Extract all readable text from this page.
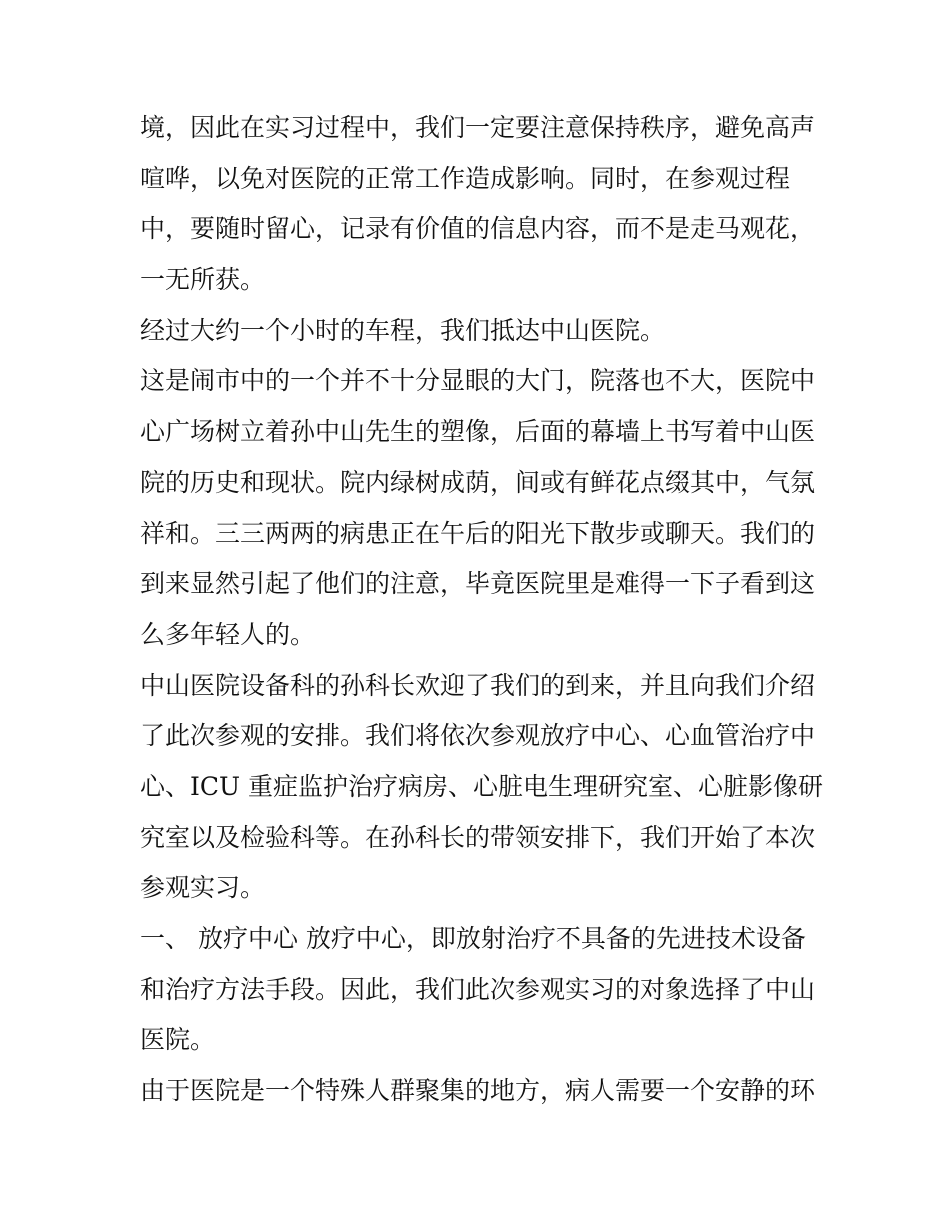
境，因此在实习过程中，我们一定要注意保持秩序，避免高声
喧哗，以免对医院的正常工作造成影响。同时，在参观过程
中，要随时留心，记录有价值的信息内容，而不是走马观花，
一无所获。
经过大约一个小时的车程，我们抵达中山医院。
这是闹市中的一个并不十分显眼的大门，院落也不大，医院中
心广场树立着孙中山先生的塑像，后面的幕墙上书写着中山医
院的历史和现状。院内绿树成荫，间或有鲜花点缀其中，气氛
祥和。三三两两的病患正在午后的阳光下散步或聊天。我们的
到来显然引起了他们的注意，毕竟医院里是难得一下子看到这
么多年轻人的。
中山医院设备科的孙科长欢迎了我们的到来，并且向我们介绍
了此次参观的安排。我们将依次参观放疗中心、心血管治疗中
心、ICU 重症监护治疗病房、心脏电生理研究室、心脏影像研
究室以及检验科等。在孙科长的带领安排下，我们开始了本次
参观实习。
一、 放疗中心 放疗中心，即放射治疗不具备的先进技术设备
和治疗方法手段。因此，我们此次参观实习的对象选择了中山
医院。
由于医院是一个特殊人群聚集的地方，病人需要一个安静的环
